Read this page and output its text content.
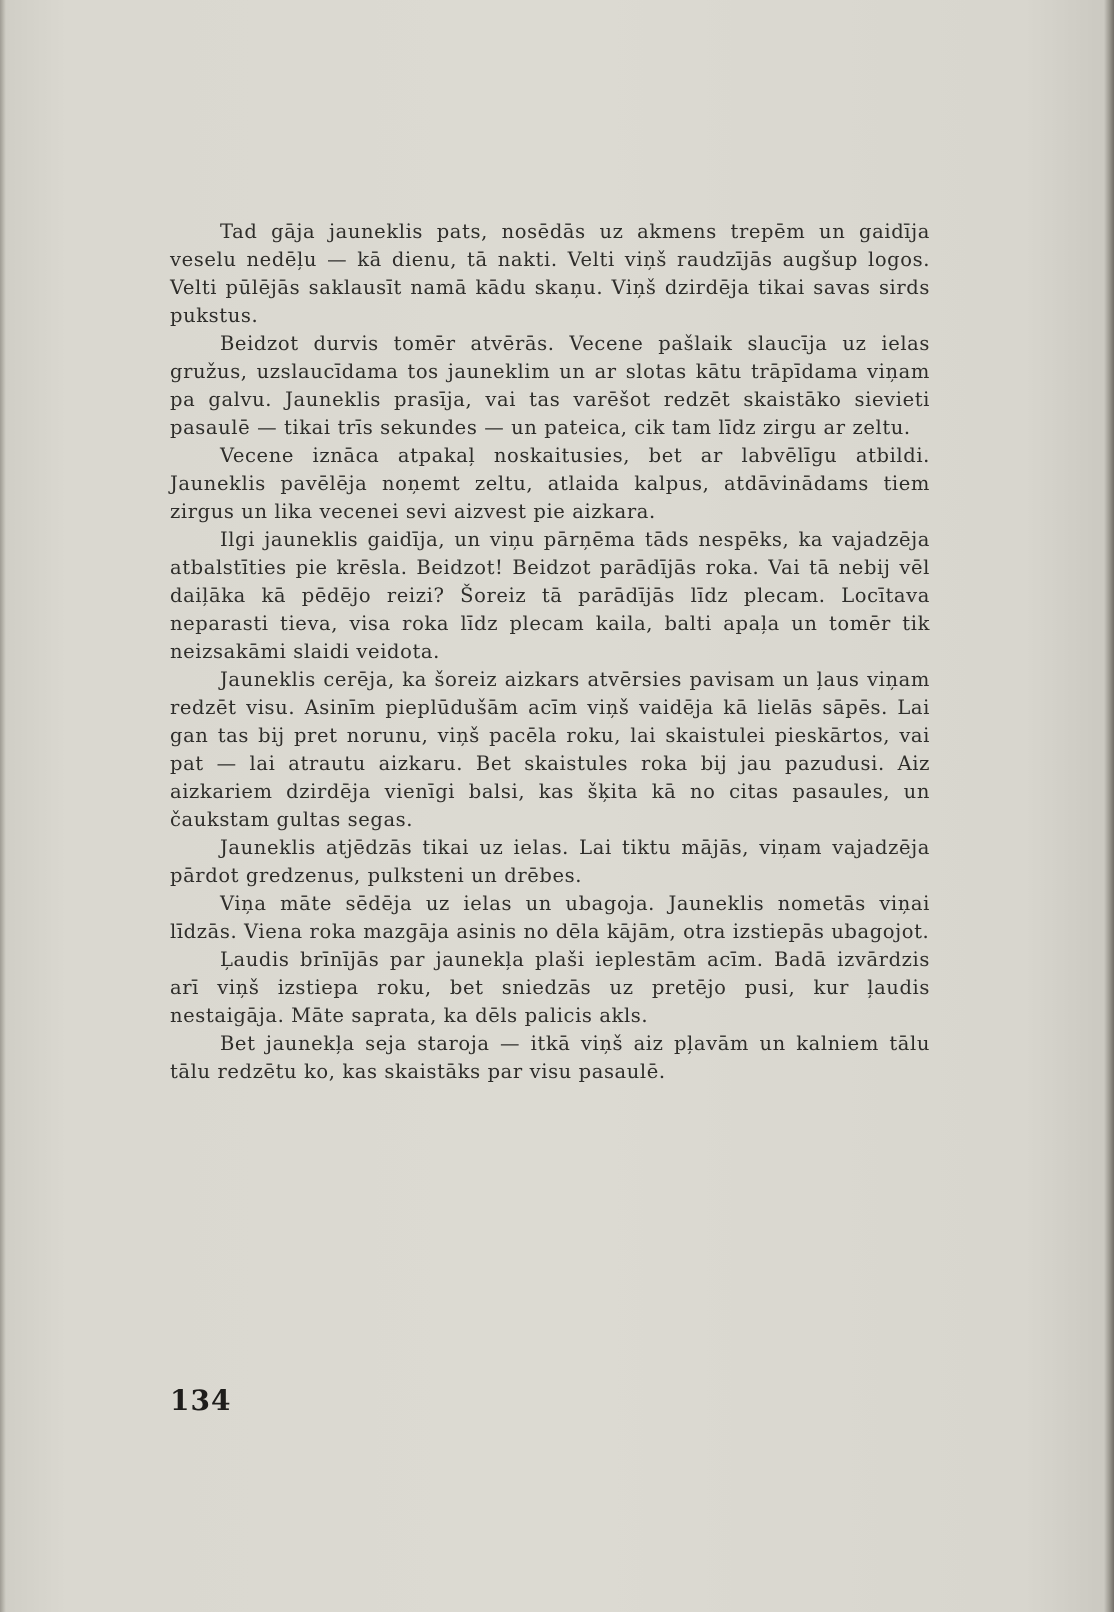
Tad gāja jauneklis pats, nosēdās uz akmens trepēm un gaidīja veselu nedēļu — kā dienu, tā nakti. Velti viņš raudzījās augšup logos. Velti pūlējās saklausīt namā kādu skaņu. Viņš dzirdēja tikai savas sirds pukstus.

Beidzot durvis tomēr atvērās. Vecene pašlaik slaucīja uz ielas gružus, uzslaucīdama tos jauneklim un ar slotas kātu trāpīdama viņam pa galvu. Jauneklis prasīja, vai tas varēšot redzēt skaistāko sievieti pasaulē — tikai trīs sekundes — un pateica, cik tam līdz zirgu ar zeltu.

Vecene iznāca atpakaļ noskaitusies, bet ar labvēlīgu atbildi. Jauneklis pavēlēja noņemt zeltu, atlaida kalpus, atdāvinādams tiem zirgus un lika vecenei sevi aizvest pie aizkara.

Ilgi jauneklis gaidīja, un viņu pārņēma tāds nespēks, ka vajadzēja atbalstīties pie krēsla. Beidzot! Beidzot parādījās roka. Vai tā nebij vēl daiļāka kā pēdējo reizi? Šoreiz tā parādījās līdz plecam. Locītava neparasti tieva, visa roka līdz plecam kaila, balti apaļa un tomēr tik neizsakāmi slaidi veidota.

Jauneklis cerēja, ka šoreiz aizkars atvērsies pavisam un ļaus viņam redzēt visu. Asinīm pieplūdušām acīm viņš vaidēja kā lielās sāpēs. Lai gan tas bij pret norunu, viņš pacēla roku, lai skaistulei pieskārtos, vai pat — lai atrautu aizkaru. Bet skaistules roka bij jau pazudusi. Aiz aizkariem dzirdēja vienīgi balsi, kas šķita kā no citas pasaules, un čaukstam gultas segas.

Jauneklis atjēdzās tikai uz ielas. Lai tiktu mājās, viņam vajadzēja pārdot gredzenus, pulksteni un drēbes.

Viņa māte sēdēja uz ielas un ubagoja. Jauneklis nometās viņai līdzās. Viena roka mazgāja asinis no dēla kājām, otra izstiepās ubagojot.

Ļaudis brīnījās par jaunekļa plaši ieplestām acīm. Badā izvārdzis arī viņš izstiepa roku, bet sniedzās uz pretējo pusi, kur ļaudis nestaigāja. Māte saprata, ka dēls palicis akls.

Bet jaunekļa seja staroja — itkā viņš aiz pļavām un kalniem tālu tālu redzētu ko, kas skaistāks par visu pasaulē.

134
